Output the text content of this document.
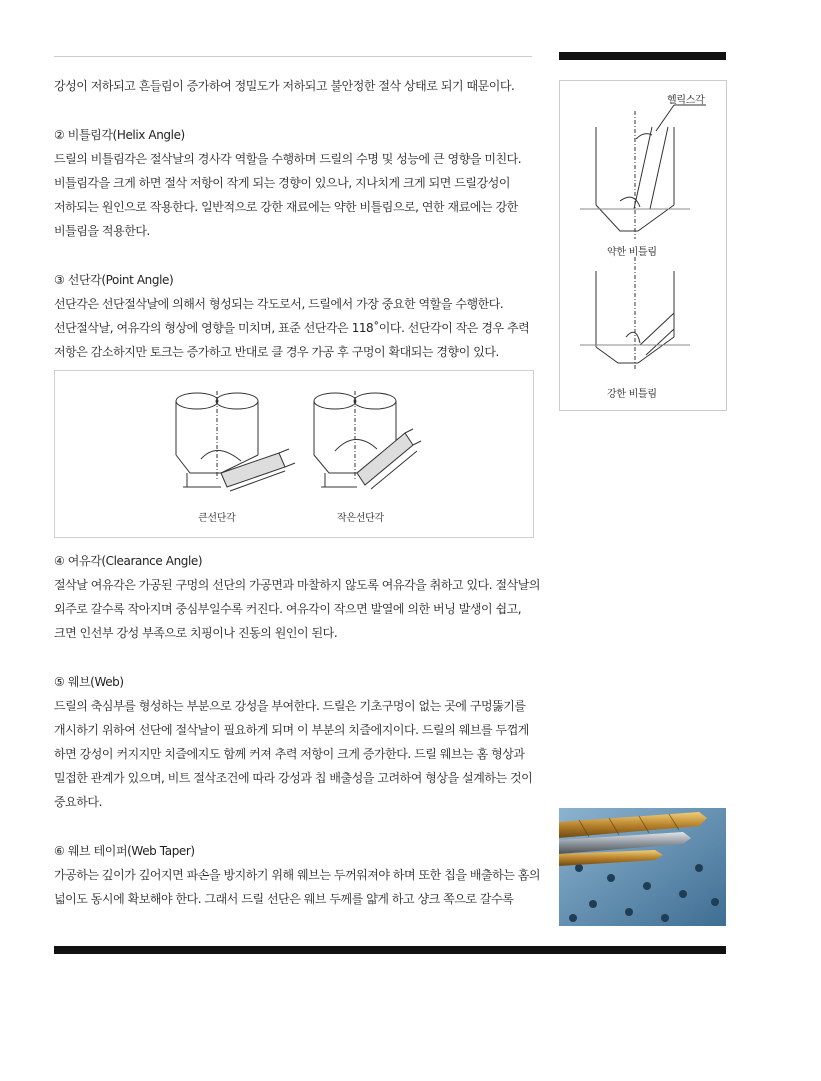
강성이 저하되고 흔들림이 증가하여 정밀도가 저하되고 불안정한 절삭 상태로 되기 때문이다.

② 비틀림각(Helix Angle)

드릴의 비틀림각은 절삭날의 경사각 역할을 수행하며 드릴의 수명 및 성능에 큰 영향을 미친다.

비틀림각을 크게 하면 절삭 저항이 작게 되는 경향이 있으나, 지나치게 크게 되면 드릴강성이

저하되는 원인으로 작용한다. 일반적으로 강한 재료에는 약한 비틀림으로, 연한 재료에는 강한

비틀림을 적용한다.

③ 선단각(Point Angle)

선단각은 선단절삭날에 의해서 형성되는 각도로서, 드릴에서 가장 중요한 역할을 수행한다.

선단절삭날, 여유각의 형상에 영향을 미치며, 표준 선단각은 118˚이다. 선단각이 작은 경우 추력

저항은 감소하지만 토크는 증가하고 반대로 클 경우 가공 후 구멍이 확대되는 경향이 있다.

큰선단각	작은선단각

④ 여유각(Clearance Angle)

절삭날 여유각은 가공된 구멍의 선단의 가공면과 마찰하지 않도록 여유각을 취하고 있다. 절삭날의

외주로 갈수록 작아지며 중심부일수록 커진다. 여유각이 작으면 발열에 의한 버닝 발생이 쉽고,

크면 인선부 강성 부족으로 치핑이나 진동의 원인이 된다.

⑤ 웨브(Web)

드릴의 축심부를 형성하는 부분으로 강성을 부여한다. 드릴은 기초구멍이 없는 곳에 구멍뚫기를

개시하기 위하여 선단에 절삭날이 필요하게 되며 이 부분의 치즐에지이다. 드릴의 웨브를 두껍게

하면 강성이 커지지만 치즐에지도 함께 커져 추력 저항이 크게 증가한다. 드릴 웨브는 홈 형상과

밀접한 관계가 있으며, 비트 절삭조건에 따라 강성과 칩 배출성을 고려하여 형상을 설계하는 것이

중요하다.

⑥ 웨브 테이퍼(Web Taper)

가공하는 깊이가 깊어지면 파손을 방지하기 위해 웨브는 두꺼워져야 하며 또한 칩을 배출하는 홈의

넓이도 동시에 확보해야 한다. 그래서 드릴 선단은 웨브 두께를 얇게 하고 샹크 쪽으로 갈수록

헬릭스각
약한 비틀림
강한 비틀림
